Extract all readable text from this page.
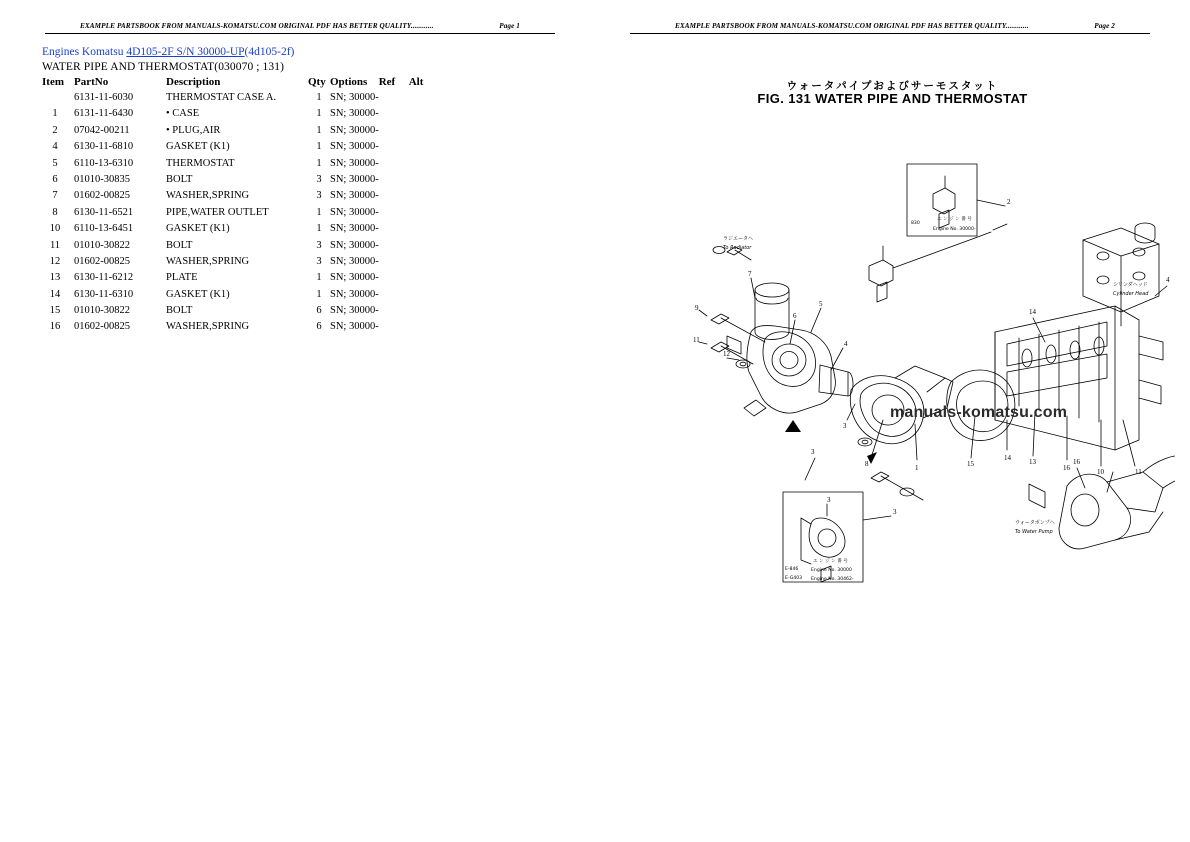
EXAMPLE PARTSBOOK FROM MANUALS-KOMATSU.COM ORIGINAL PDF HAS BETTER QUALITY............	Page 1
Engines Komatsu 4D105-2F S/N 30000-UP(4d105-2f)
WATER PIPE AND THERMOSTAT(030070 ; 131)
Item	PartNo	Description	Qty	Options	Ref	Alt
	6131-11-6030	THERMOSTAT CASE A.	1	SN; 30000-		
1	6131-11-6430	• CASE	1	SN; 30000-		
2	07042-00211	• PLUG,AIR	1	SN; 30000-		
4	6130-11-6810	GASKET (K1)	1	SN; 30000-		
5	6110-13-6310	THERMOSTAT	1	SN; 30000-		
6	01010-30835	BOLT	3	SN; 30000-		
7	01602-00825	WASHER,SPRING	3	SN; 30000-		
8	6130-11-6521	PIPE,WATER OUTLET	1	SN; 30000-		
10	6110-13-6451	GASKET (K1)	1	SN; 30000-		
11	01010-30822	BOLT	3	SN; 30000-		
12	01602-00825	WASHER,SPRING	3	SN; 30000-		
13	6130-11-6212	PLATE	1	SN; 30000-		
14	6130-11-6310	GASKET (K1)	1	SN; 30000-		
15	01010-30822	BOLT	6	SN; 30000-		
16	01602-00825	WASHER,SPRING	6	SN; 30000-		
EXAMPLE PARTSBOOK FROM MANUALS-KOMATSU.COM ORIGINAL PDF HAS BETTER QUALITY............	Page 2
ウォータパイプおよびサーモスタット
FIG. 131 WATER PIPE AND THERMOSTAT
9
11
12
7
6
5
4
3
8	1	15
14	13
16	10	11
16
14
4
3
3
2
3
ラジエータへ
To Radiator
ウォータポンプへ
To Water Pump
シリンダヘッド
Cylinder Head
830
エ ン ジ ン 番 号
Engine No. 30000-
E-846
E-G403
エ ン ジ ン 番 号
Engine No. 30000
Engine No. 30462-
manuals-komatsu.com
